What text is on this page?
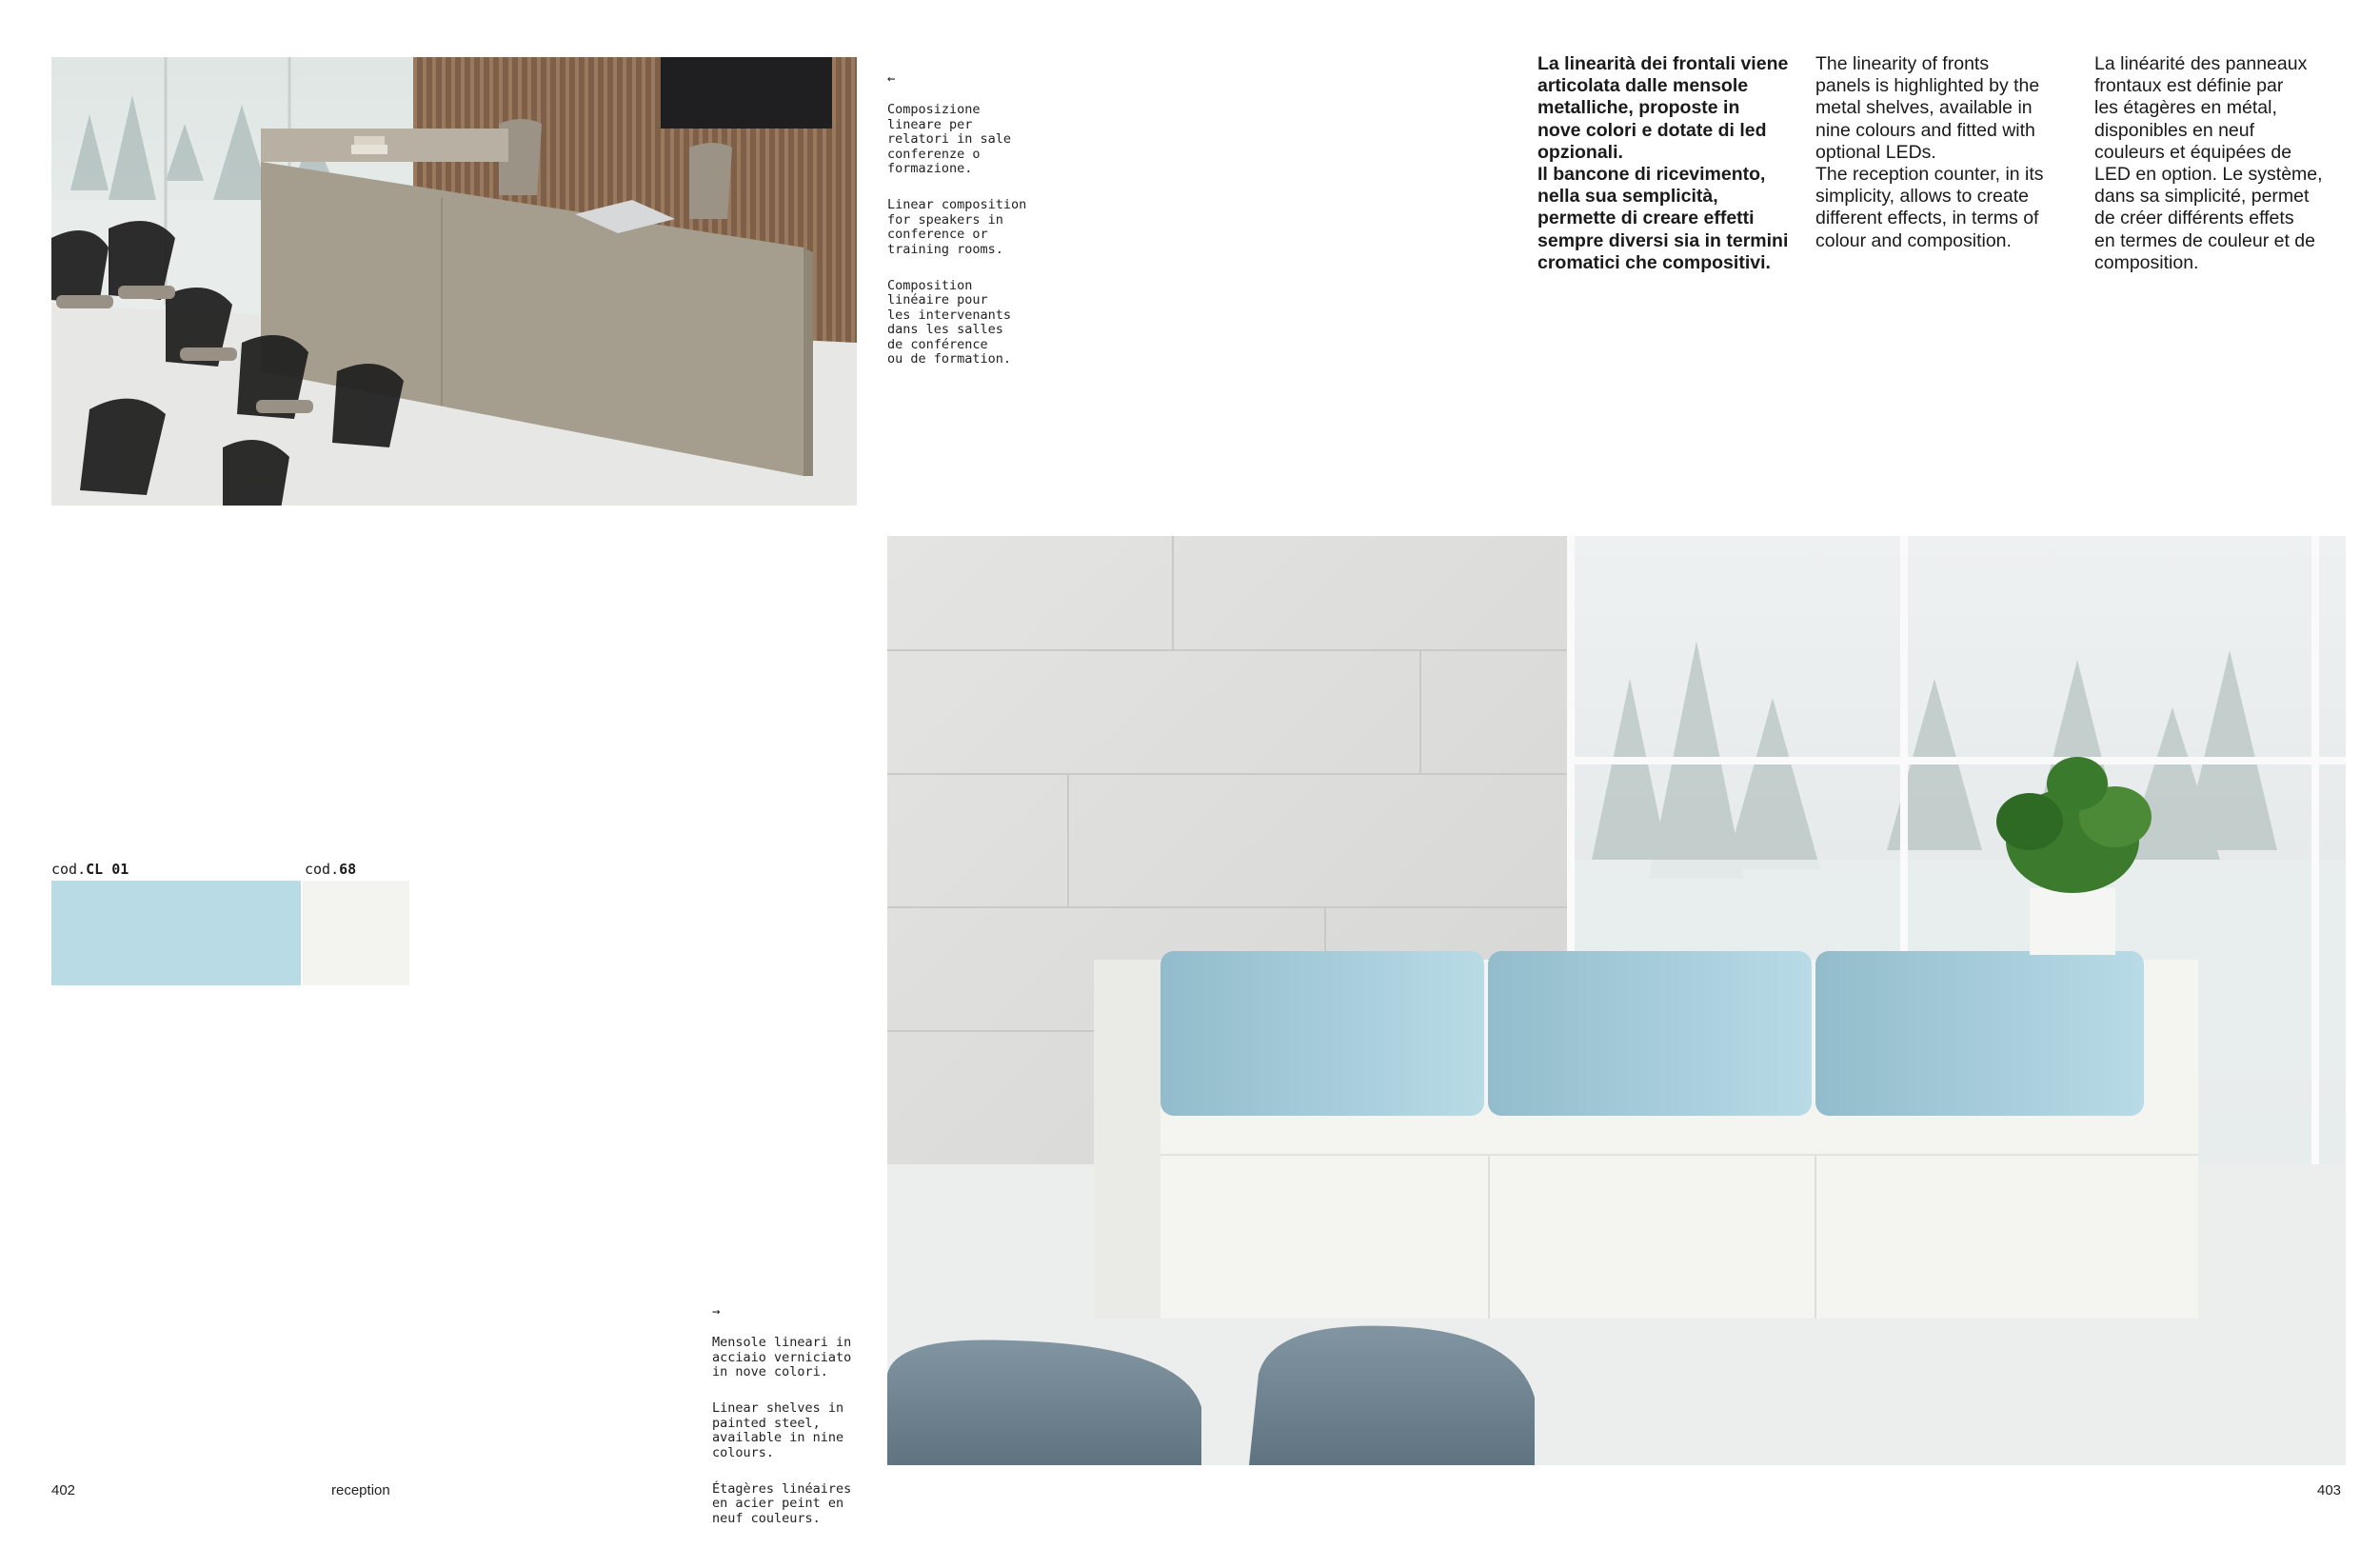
←

Composizione
lineare per
relatori in sale
conferenze o
formazione.

Linear composition
for speakers in
conference or
training rooms.

Composition
linéaire pour
les intervenants
dans les salles
de conférence
ou de formation.

La linearità dei frontali viene
articolata dalle mensole
metalliche, proposte in
nove colori e dotate di led
opzionali.
Il bancone di ricevimento,
nella sua semplicità,
permette di creare effetti
sempre diversi sia in termini
cromatici che compositivi.
The linearity of fronts
panels is highlighted by the
metal shelves, available in
nine colours and fitted with
optional LEDs.
The reception counter, in its
simplicity, allows to create
different effects, in terms of
colour and composition.
La linéarité des panneaux
frontaux est définie par
les étagères en métal,
disponibles en neuf
couleurs et équipées de
LED en option. Le système,
dans sa simplicité, permet
de créer différents effets
en termes de couleur et de
composition.
cod.CL 01	cod.68

→

Mensole lineari in
acciaio verniciato
in nove colori.

Linear shelves in
painted steel,
available in nine
colours.

Étagères linéaires
en acier peint en
neuf couleurs.

402	reception	403
